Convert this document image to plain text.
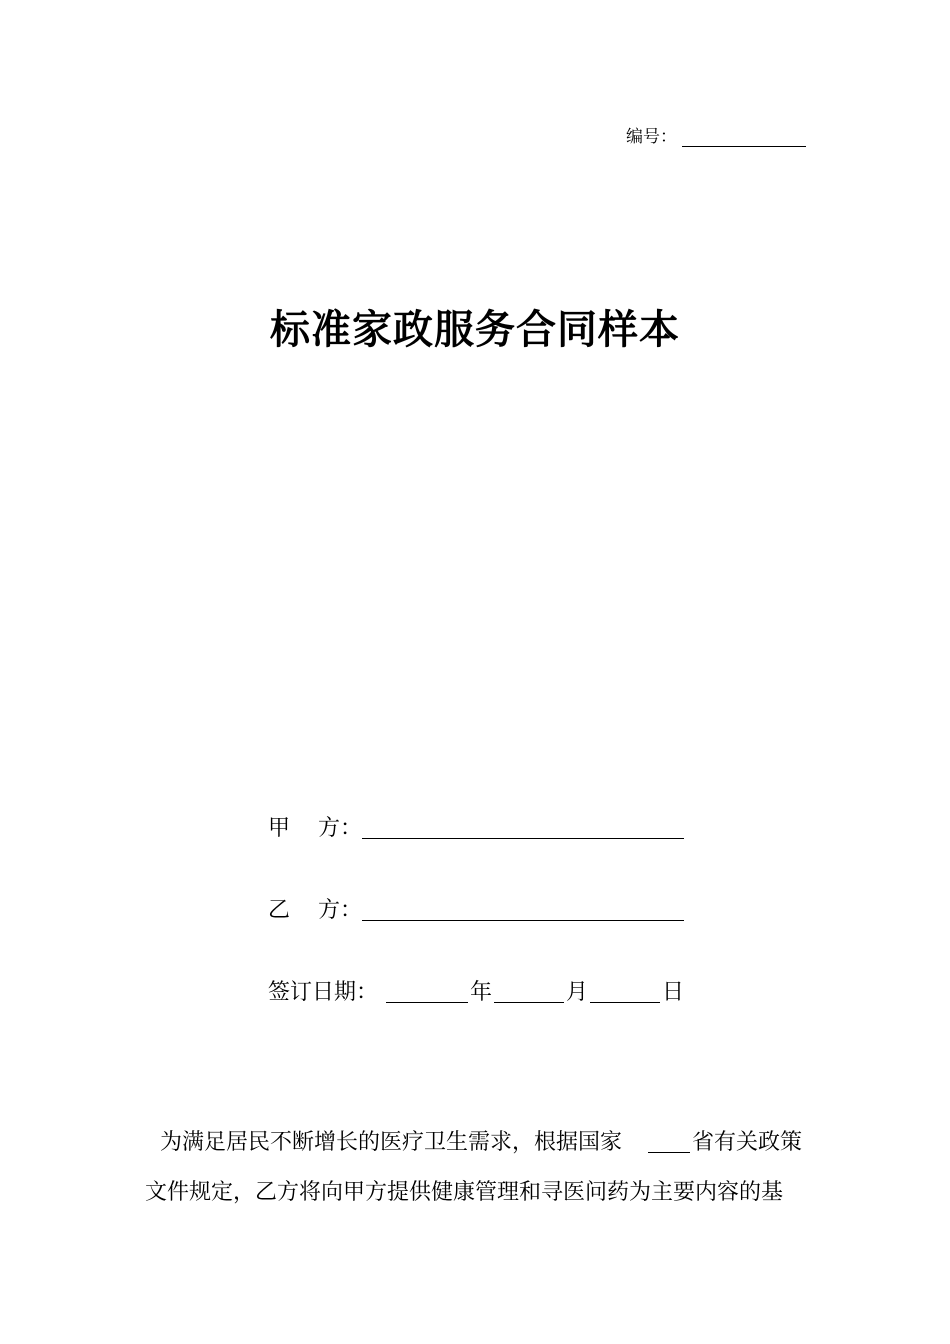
编号：
标准家政服务合同样本
甲    方：
乙    方：
签订日期：	年	月	日
为满足居民不断增长的医疗卫生需求，根据国家	省有关政策
文件规定，乙方将向甲方提供健康管理和寻医问药为主要内容的基
